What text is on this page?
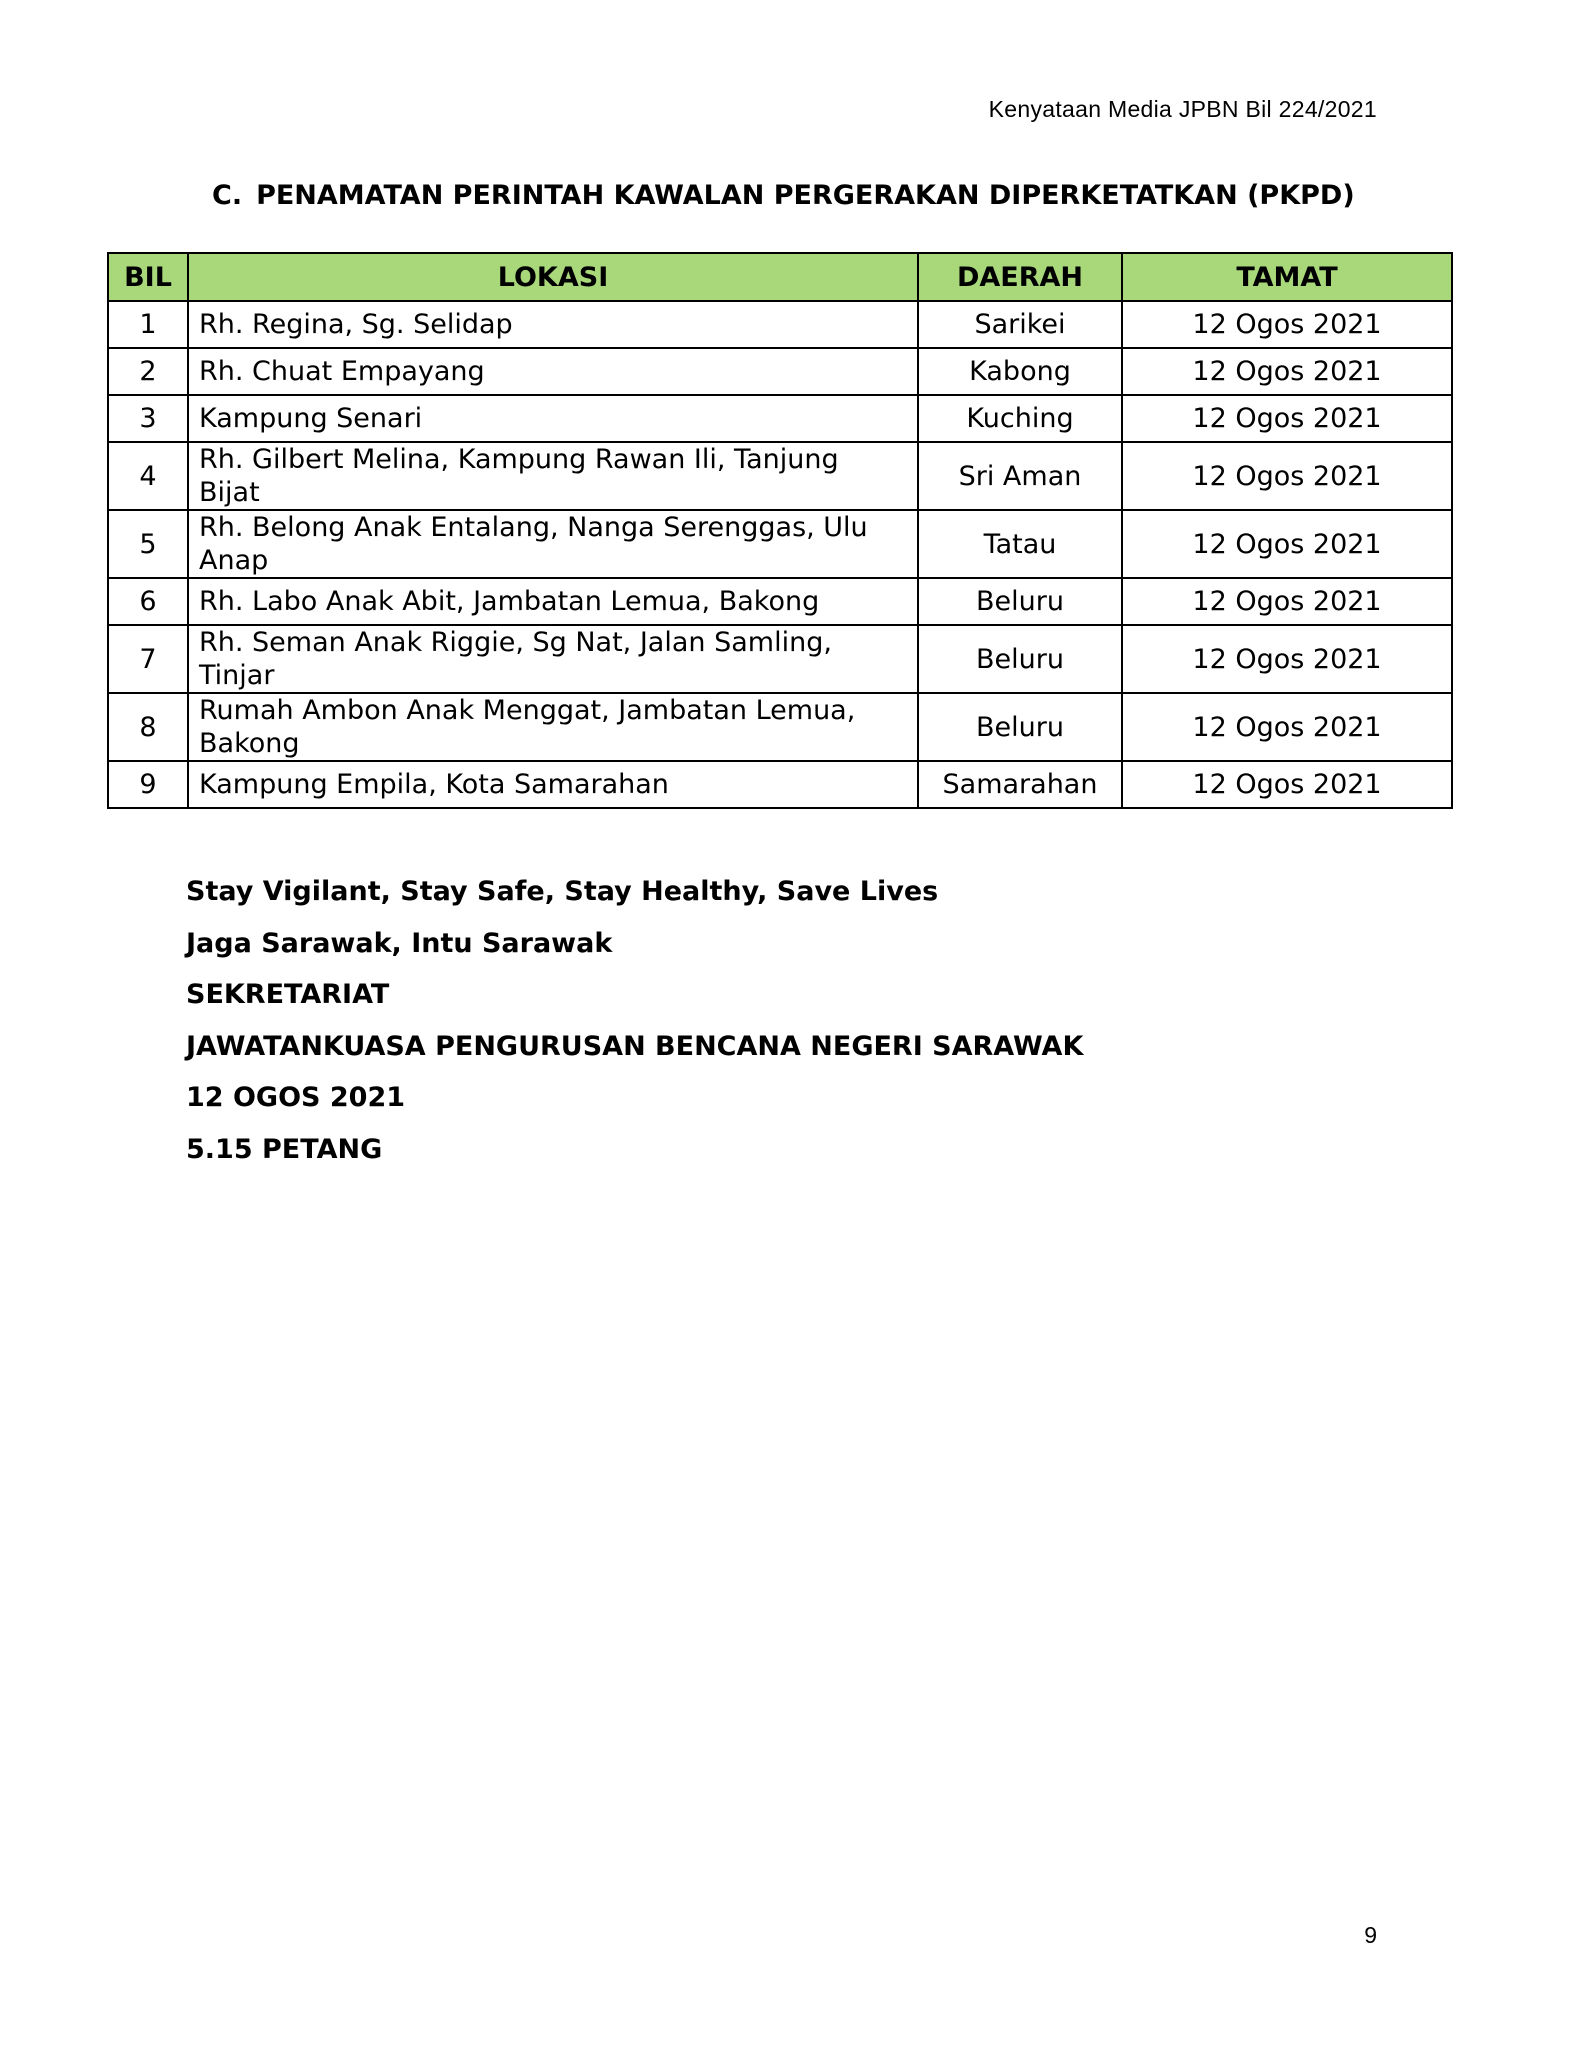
Kenyataan Media JPBN Bil 224/2021
C. PENAMATAN PERINTAH KAWALAN PERGERAKAN DIPERKETATKAN (PKPD)
BIL	LOKASI	DAERAH	TAMAT
1	Rh. Regina, Sg. Selidap	Sarikei	12 Ogos 2021
2	Rh. Chuat Empayang	Kabong	12 Ogos 2021
3	Kampung Senari	Kuching	12 Ogos 2021
4	Rh. Gilbert Melina, Kampung Rawan Ili, Tanjung Bijat	Sri Aman	12 Ogos 2021
5	Rh. Belong Anak Entalang, Nanga Serenggas, Ulu Anap	Tatau	12 Ogos 2021
6	Rh. Labo Anak Abit, Jambatan Lemua, Bakong	Beluru	12 Ogos 2021
7	Rh. Seman Anak Riggie, Sg Nat, Jalan Samling, Tinjar	Beluru	12 Ogos 2021
8	Rumah Ambon Anak Menggat, Jambatan Lemua, Bakong	Beluru	12 Ogos 2021
9	Kampung Empila, Kota Samarahan	Samarahan	12 Ogos 2021
Stay Vigilant, Stay Safe, Stay Healthy, Save Lives
Jaga Sarawak, Intu Sarawak
SEKRETARIAT
JAWATANKUASA PENGURUSAN BENCANA NEGERI SARAWAK
12 OGOS 2021
5.15 PETANG
9
